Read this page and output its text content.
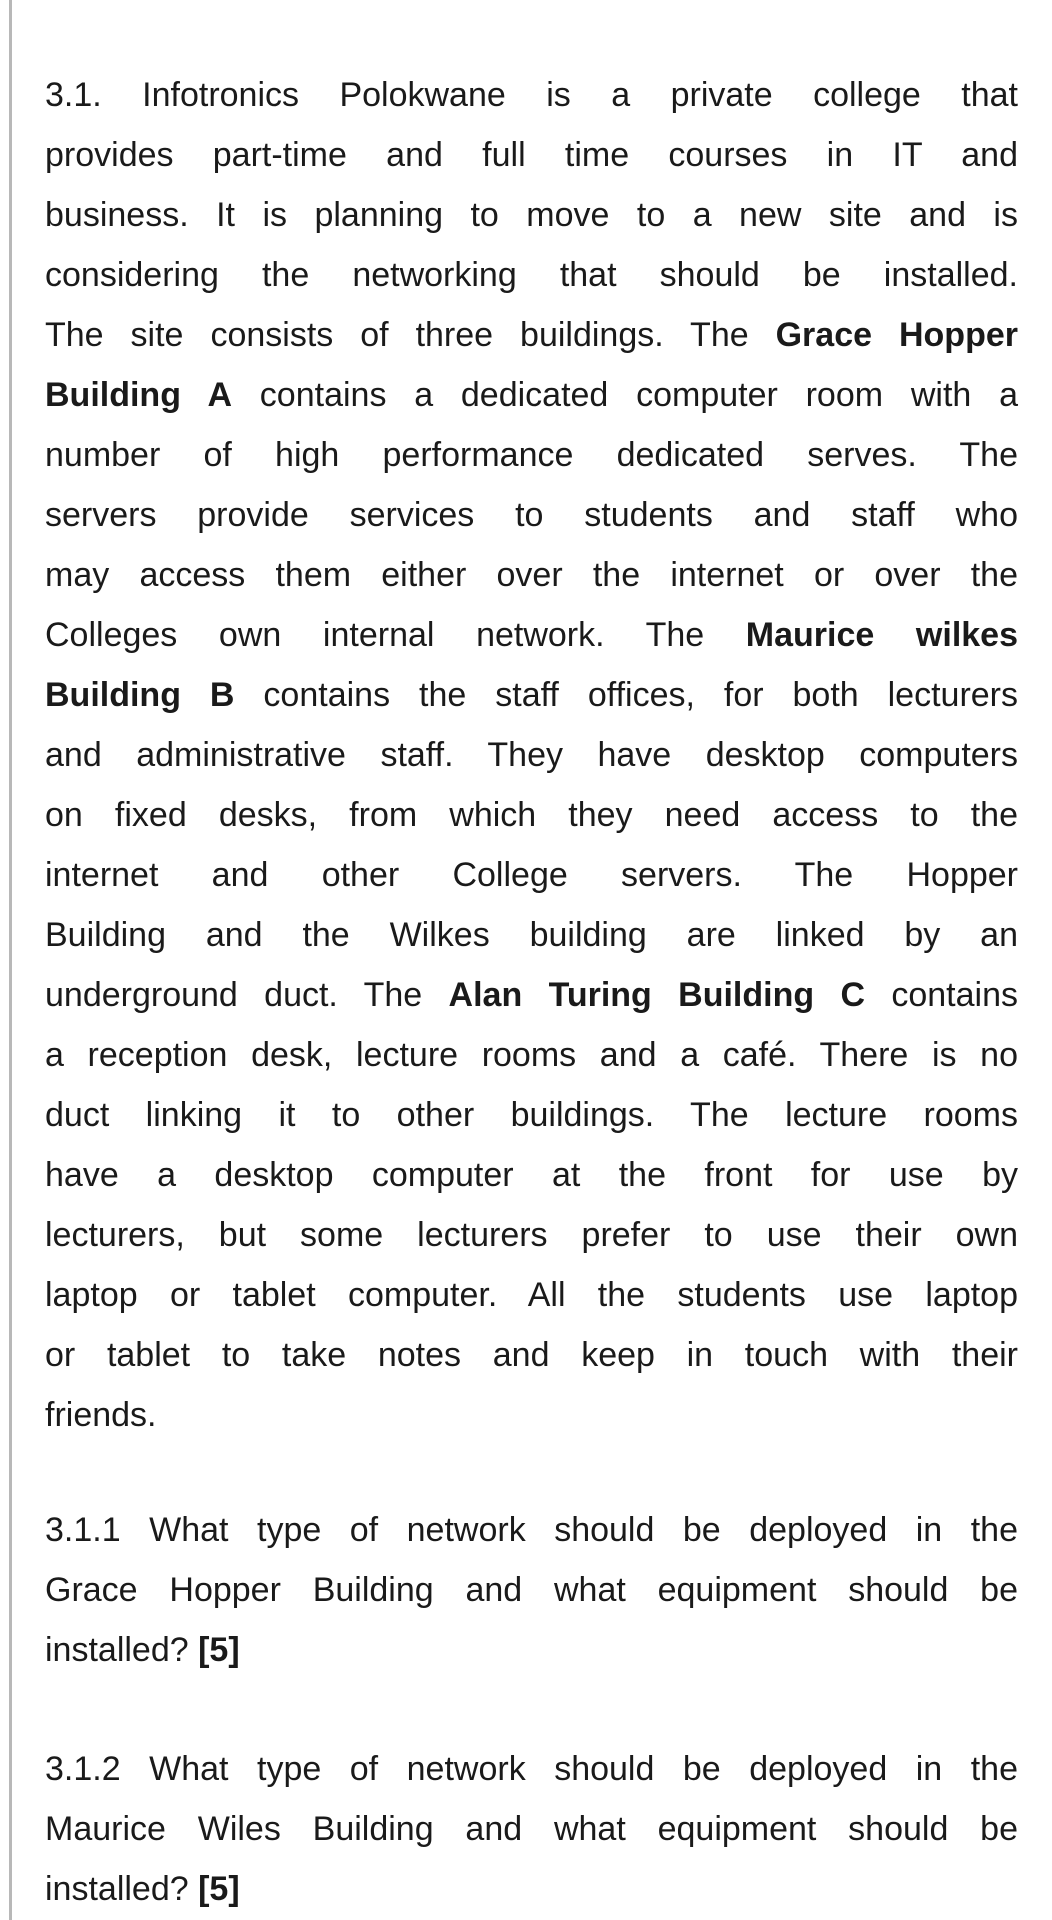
3.1. Infotronics Polokwane is a private college that
provides part-time and full time courses in IT and
business. It is planning to move to a new site and is
considering the networking that should be installed.
The site consists of three buildings. The Grace Hopper
Building A contains a dedicated computer room with a
number of high performance dedicated serves. The
servers provide services to students and staff who
may access them either over the internet or over the
Colleges own internal network. The Maurice wilkes
Building B contains the staff offices, for both lecturers
and administrative staff. They have desktop computers
on fixed desks, from which they need access to the
internet and other College servers. The Hopper
Building and the Wilkes building are linked by an
underground duct. The Alan Turing Building C contains
a reception desk, lecture rooms and a café. There is no
duct linking it to other buildings. The lecture rooms
have a desktop computer at the front for use by
lecturers, but some lecturers prefer to use their own
laptop or tablet computer. All the students use laptop
or tablet to take notes and keep in touch with their
friends.
3.1.1 What type of network should be deployed in the
Grace Hopper Building and what equipment should be
installed? [5]
3.1.2 What type of network should be deployed in the
Maurice Wiles Building and what equipment should be
installed? [5]
